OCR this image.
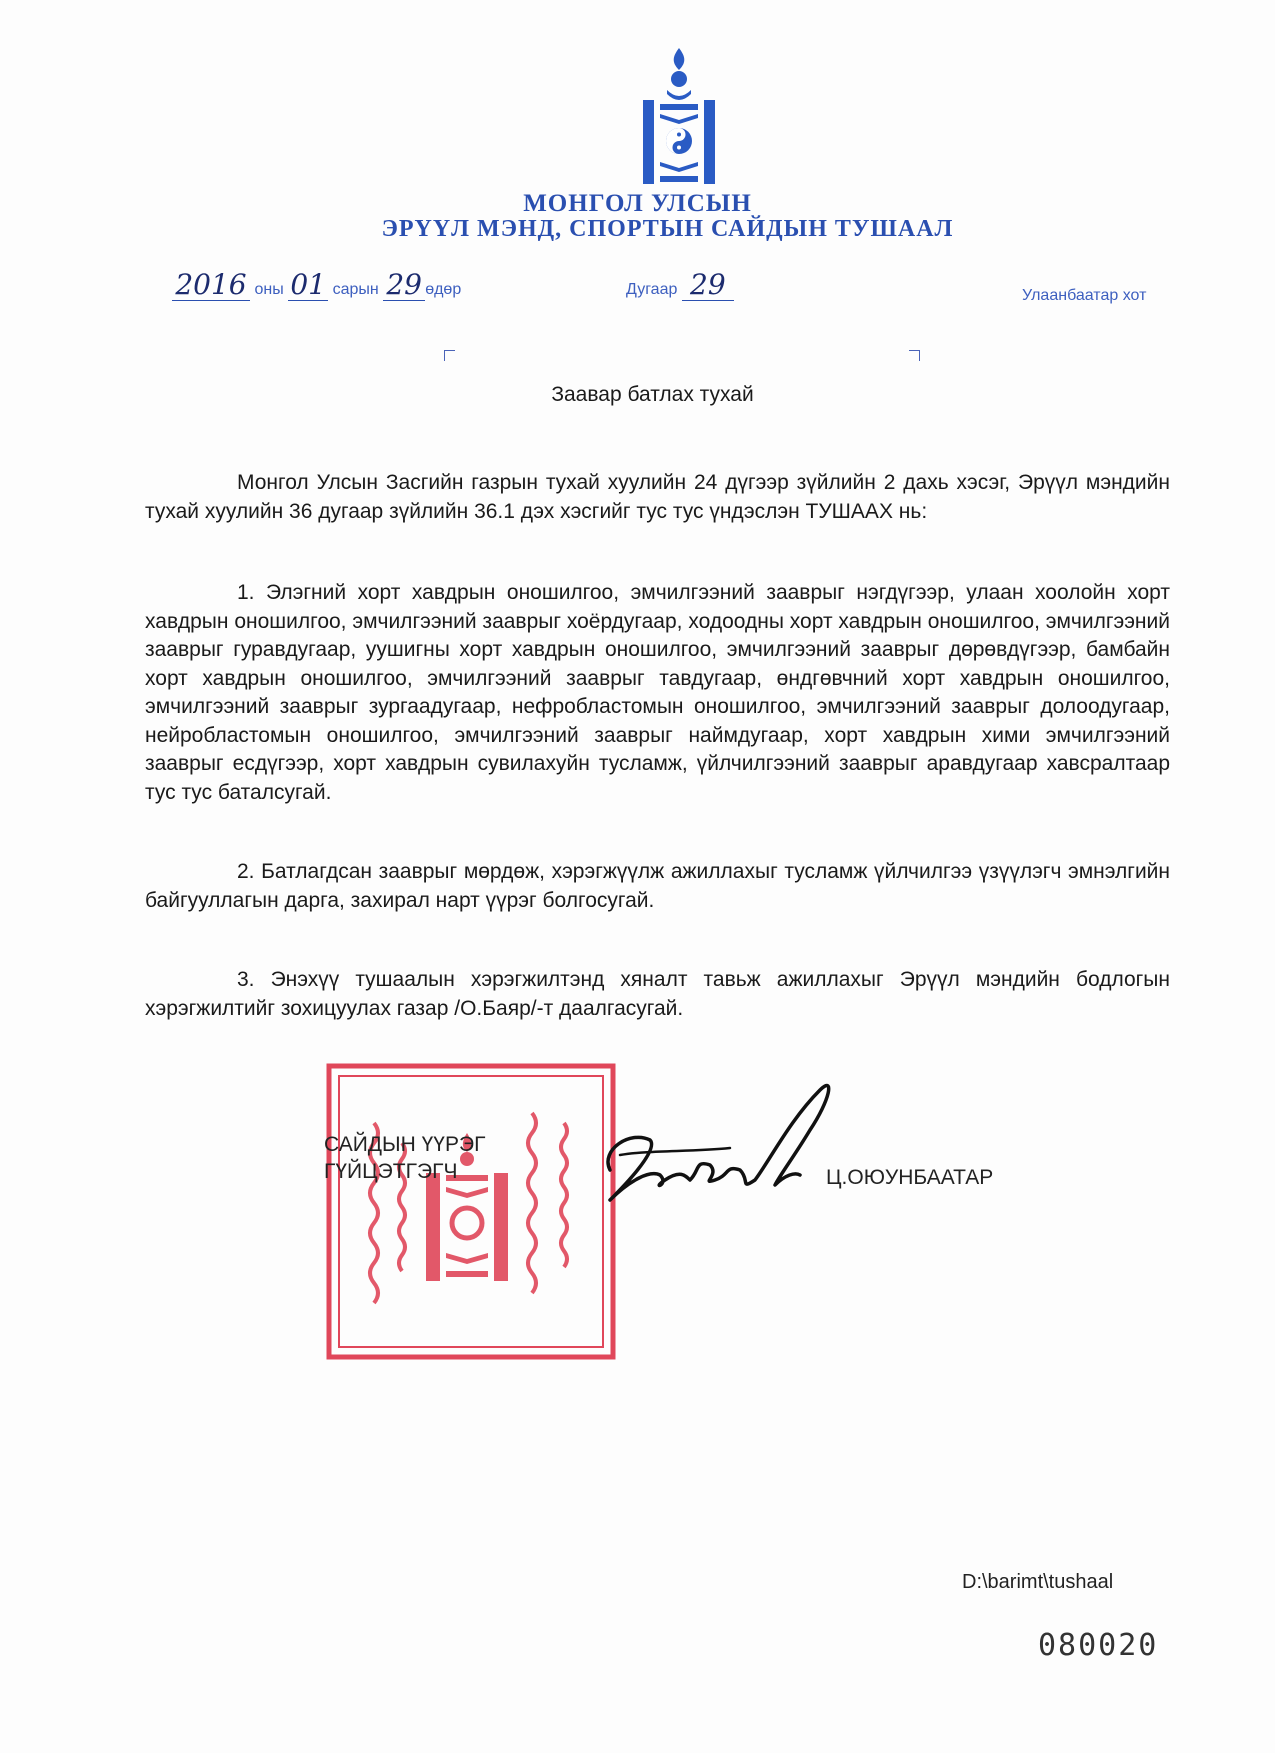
МОНГОЛ УЛСЫН
ЭРҮҮЛ МЭНД, СПОРТЫН САЙДЫН ТУШААЛ
2016 оны 01 сарын 29 өдөр	Дугаар 29	Улаанбаатар хот
Заавар батлах тухай

Монгол Улсын Засгийн газрын тухай хуулийн 24 дүгээр зүйлийн 2 дахь хэсэг, Эрүүл мэндийн тухай хуулийн 36 дугаар зүйлийн 36.1 дэх хэсгийг тус тус үндэслэн ТУШААХ нь:

1. Элэгний хорт хавдрын оношилгоо, эмчилгээний зааврыг нэгдүгээр, улаан хоолойн хорт хавдрын оношилгоо, эмчилгээний зааврыг хоёрдугаар, ходоодны хорт хавдрын оношилгоо, эмчилгээний зааврыг гуравдугаар, уушигны хорт хавдрын оношилгоо, эмчилгээний зааврыг дөрөвдүгээр, бамбайн хорт хавдрын оношилгоо, эмчилгээний зааврыг тавдугаар, өндгөвчний хорт хавдрын оношилгоо, эмчилгээний зааврыг зургаадугаар, нефробластомын оношилгоо, эмчилгээний зааврыг долоодугаар, нейробластомын оношилгоо, эмчилгээний зааврыг наймдугаар, хорт хавдрын хими эмчилгээний зааврыг есдүгээр, хорт хавдрын сувилахуйн тусламж, үйлчилгээний зааврыг аравдугаар хавсралтаар тус тус баталсугай.

2. Батлагдсан зааврыг мөрдөж, хэрэгжүүлж ажиллахыг тусламж үйлчилгээ үзүүлэгч эмнэлгийн байгууллагын дарга, захирал нарт үүрэг болгосугай.

3. Энэхүү тушаалын хэрэгжилтэнд хяналт тавьж ажиллахыг Эрүүл мэндийн бодлогын хэрэгжилтийг зохицуулах газар /О.Баяр/-т даалгасугай.

САЙДЫН ҮҮРЭГ
ГҮЙЦЭТГЭГЧ	Ц.ОЮУНБААТАР
D:\barimt\tushaal
080020
